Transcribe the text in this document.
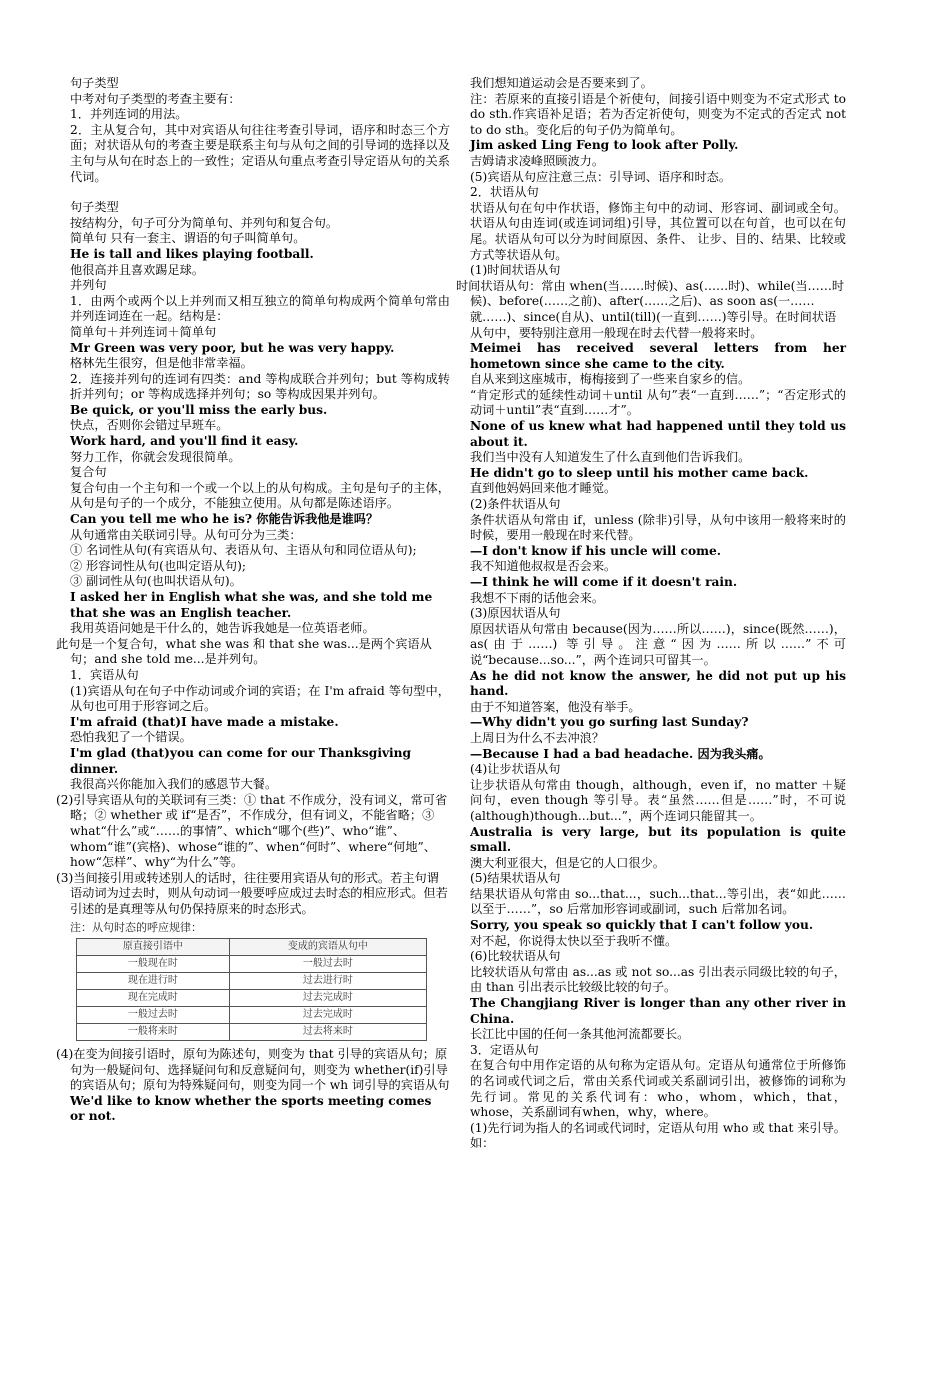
句子类型

中考对句子类型的考查主要有：

1．并列连词的用法。

2．主从复合句，其中对宾语从句往往考查引导词，语序和时态三个方面；对状语从句的考查主要是联系主句与从句之间的引导词的选择以及主句与从句在时态上的一致性；定语从句重点考查引导定语从句的关系代词。

句子类型

按结构分，句子可分为简单句、并列句和复合句。

简单句 只有一套主、谓语的句子叫简单句。

He is tall and likes playing football.

他很高并且喜欢踢足球。

并列句

1．由两个或两个以上并列而又相互独立的简单句构成两个简单句常由并列连词连在一起。结构是：

简单句＋并列连词＋简单句

Mr Green was very poor, but he was very happy.

格林先生很穷，但是他非常幸福。

2．连接并列句的连词有四类：and 等构成联合并列句；but 等构成转折并列句；or 等构成选择并列句；so 等构成因果并列句。

Be quick, or you'll miss the early bus.

快点，否则你会错过早班车。

Work hard, and you'll find it easy.

努力工作，你就会发现很简单。

复合句

复合句由一个主句和一个或一个以上的从句构成。主句是句子的主体，从句是句子的一个成分，不能独立使用。从句都是陈述语序。

Can you tell me who he is? 你能告诉我他是谁吗？

从句通常由关联词引导。从句可分为三类：

① 名词性从句(有宾语从句、表语从句、主语从句和同位语从句);

② 形容词性从句(也叫定语从句);

③ 副词性从句(也叫状语从句)。

I asked her in English what she was, and she told me that she was an English teacher.

我用英语问她是干什么的，她告诉我她是一位英语老师。

此句是一个复合句，what she was 和 that she was...是两个宾语从句；and she told me...是并列句。

1．宾语从句

(1)宾语从句在句子中作动词或介词的宾语；在 I'm afraid 等句型中，从句也可用于形容词之后。

I'm afraid (that)I have made a mistake.

恐怕我犯了一个错误。

I'm glad (that)you can come for our Thanksgiving dinner.

我很高兴你能加入我们的感恩节大餐。

(2)引导宾语从句的关联词有三类：① that 不作成分，没有词义，常可省略；② whether 或 if“是否”，不作成分，但有词义，不能省略；③ what“什么”或“……的事情”、which“哪个(些)”、who“谁”、whom“谁”(宾格)、whose“谁的”、when“何时”、where“何地”、how“怎样”、why“为什么”等。

(3)当间接引用或转述别人的话时，往往要用宾语从句的形式。若主句谓语动词为过去时，则从句动词一般要呼应成过去时态的相应形式。但若引述的是真理等从句仍保持原来的时态形式。

注：从句时态的呼应规律：
原直接引语中	变成的宾语从句中
一般现在时	一般过去时
现在进行时	过去进行时
现在完成时	过去完成时
一般过去时	过去完成时
一般将来时	过去将来时

(4)在变为间接引语时，原句为陈述句，则变为 that 引导的宾语从句；原句为一般疑问句、选择疑问句和反意疑问句，则变为 whether(if)引导的宾语从句；原句为特殊疑问句，则变为同一个 wh 词引导的宾语从句

We'd like to know whether the sports meeting comes or not.

我们想知道运动会是否要来到了。

注：若原来的直接引语是个祈使句，间接引语中则变为不定式形式 to do sth.作宾语补足语；若为否定祈使句，则变为不定式的否定式 not to do sth。变化后的句子仍为简单句。

Jim asked Ling Feng to look after Polly.

吉姆请求凌峰照顾波力。

(5)宾语从句应注意三点：引导词、语序和时态。

2．状语从句

状语从句在句中作状语，修饰主句中的动词、形容词、副词或全句。状语从句由连词(或连词词组)引导，其位置可以在句首，也可以在句尾。状语从句可以分为时间原因、条件、 让步、目的、结果、比较或方式等状语从句。

(1)时间状语从句

时间状语从句：常由 when(当……时候)、as(……时)、while(当……时候)、before(……之前)、after(……之后)、as soon as(一……就……)、since(自从)、until(till)(一直到……)等引导。在时间状语从句中，要特别注意用一般现在时去代替一般将来时。

Meimei has received several letters from her hometown since she came to the city.

自从来到这座城市，梅梅接到了一些来自家乡的信。

“肯定形式的延续性动词＋until 从句”表“一直到……”；“否定形式的动词＋until”表“直到……才”。

None of us knew what had happened until they told us about it.

我们当中没有人知道发生了什么直到他们告诉我们。

He didn't go to sleep until his mother came back.

直到他妈妈回来他才睡觉。

(2)条件状语从句

条件状语从句常由 if，unless (除非)引导，从句中该用一般将来时的时候，要用一般现在时来代替。

—I don't know if his uncle will come.

我不知道他叔叔是否会来。

—I think he will come if it doesn't rain.

我想不下雨的话他会来。

(3)原因状语从句

原因状语从句常由 because(因为……所以……)，since(既然……)，as(由于……) 等引导。注意“因为……所以……”不可说“because...so...”，两个连词只可留其一。

As he did not know the answer, he did not put up his hand.

由于不知道答案，他没有举手。

—Why didn't you go surfing last Sunday?

上周日为什么不去冲浪？

—Because I had a bad headache. 因为我头痛。

(4)让步状语从句

让步状语从句常由 though，although，even if，no matter ＋疑问句，even though 等引导。表“虽然……但是……”时，不可说(although)though...but...”，两个连词只能留其一。

Australia is very large, but its population is quite small.

澳大利亚很大，但是它的人口很少。

(5)结果状语从句

结果状语从句常由 so...that...，such...that...等引出，表“如此……以至于……”，so 后常加形容词或副词，such 后常加名词。

Sorry, you speak so quickly that I can't follow you.

对不起，你说得太快以至于我听不懂。

(6)比较状语从句

比较状语从句常由 as...as 或 not so...as 引出表示同级比较的句子，由 than 引出表示比较级比较的句子。

The Changjiang River is longer than any other river in China.

长江比中国的任何一条其他河流都要长。

3．定语从句

在复合句中用作定语的从句称为定语从句。定语从句通常位于所修饰的名词或代词之后，常由关系代词或关系副词引出，被修饰的词称为先行词。常见的关系代词有：who，whom，which，that，whose，关系副词有when，why，where。

(1)先行词为指人的名词或代词时，定语从句用 who 或 that 来引导。如：
